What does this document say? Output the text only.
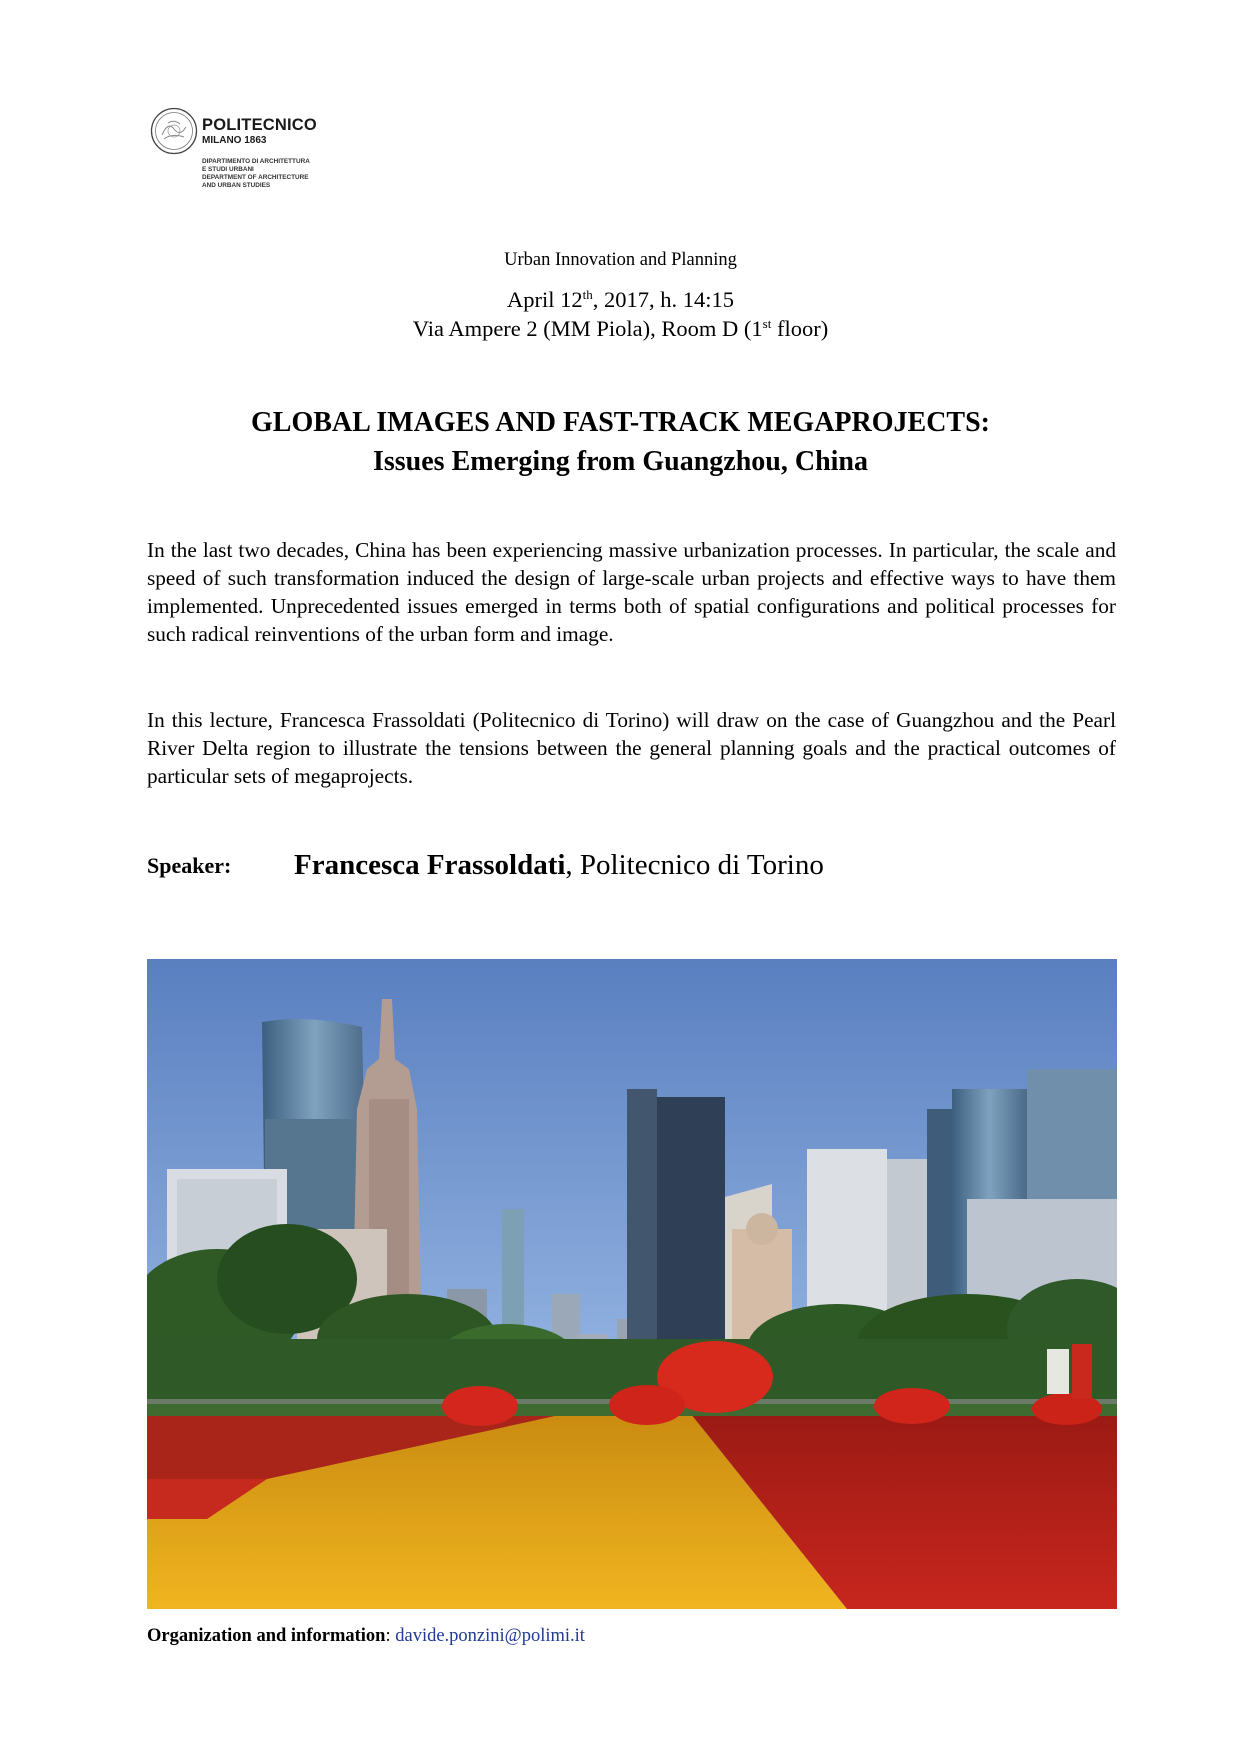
POLITECNICO
MILANO 1863
DIPARTIMENTO DI ARCHITETTURA
E STUDI URBANI
DEPARTMENT OF ARCHITECTURE
AND URBAN STUDIES
Urban Innovation and Planning
April 12th, 2017, h. 14:15
Via Ampere 2 (MM Piola), Room D (1st floor)
GLOBAL IMAGES AND FAST-TRACK MEGAPROJECTS:
Issues Emerging from Guangzhou, China
In the last two decades, China has been experiencing massive urbanization processes. In particular, the scale and speed of such transformation induced the design of large-scale urban projects and effective ways to have them implemented. Unprecedented issues emerged in terms both of spatial configurations and political processes for such radical reinventions of the urban form and image.
In this lecture, Francesca Frassoldati (Politecnico di Torino) will draw on the case of Guangzhou and the Pearl River Delta region to illustrate the tensions between the general planning goals and the practical outcomes of particular sets of megaprojects.
Speaker: Francesca Frassoldati, Politecnico di Torino
Organization and information: davide.ponzini@polimi.it
